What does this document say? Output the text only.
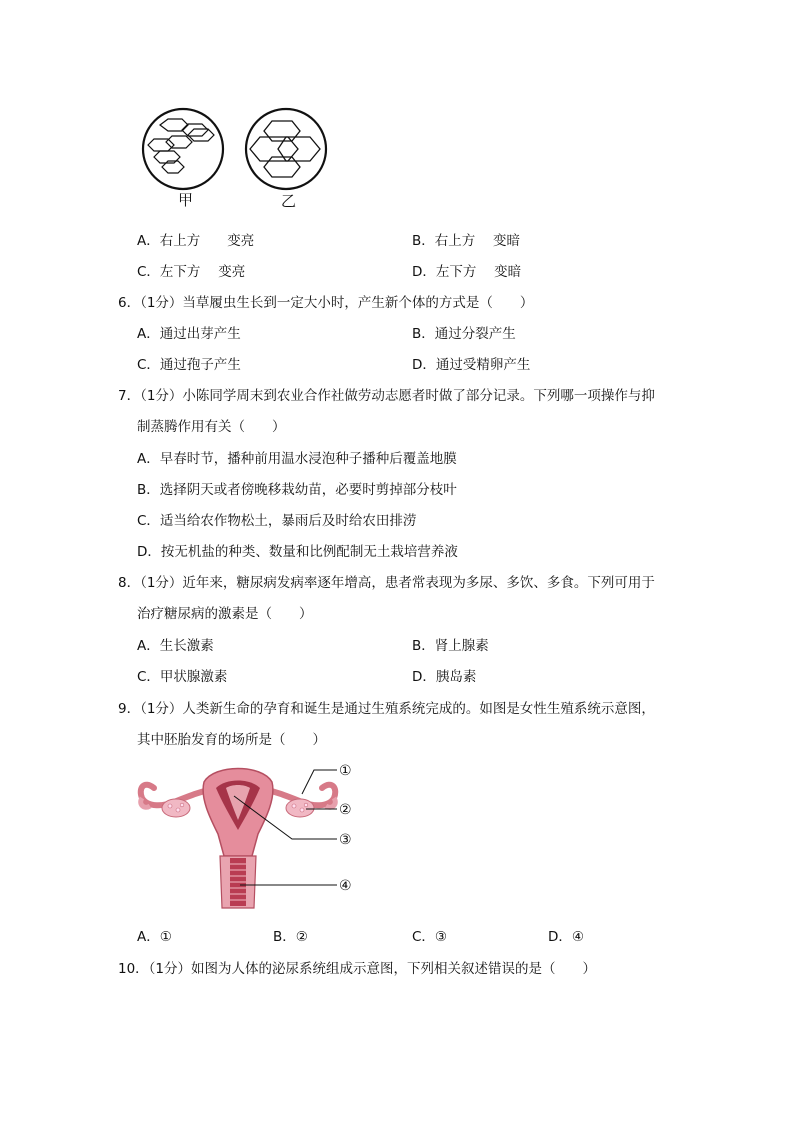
甲	乙
A．右上方　　变亮	B．右上方　 变暗
C．左下方　 变亮	D．左下方　 变暗
6．（1分）当草履虫生长到一定大小时，产生新个体的方式是（　　）
A．通过出芽产生	B．通过分裂产生
C．通过孢子产生	D．通过受精卵产生
7．（1分）小陈同学周末到农业合作社做劳动志愿者时做了部分记录。下列哪一项操作与抑
制蒸腾作用有关（　　）
A．早春时节，播种前用温水浸泡种子播种后覆盖地膜
B．选择阴天或者傍晚移栽幼苗，必要时剪掉部分枝叶
C．适当给农作物松土，暴雨后及时给农田排涝
D．按无机盐的种类、数量和比例配制无土栽培营养液
8．（1分）近年来，糖尿病发病率逐年增高，患者常表现为多尿、多饮、多食。下列可用于
治疗糖尿病的激素是（　　）
A．生长激素	B．肾上腺素
C．甲状腺激素	D．胰岛素
9．（1分）人类新生命的孕育和诞生是通过生殖系统完成的。如图是女性生殖系统示意图，
其中胚胎发育的场所是（　　）
①
②
③
④
A．①	B．②	C．③	D．④
10．（1分）如图为人体的泌尿系统组成示意图，下列相关叙述错误的是（　　）
